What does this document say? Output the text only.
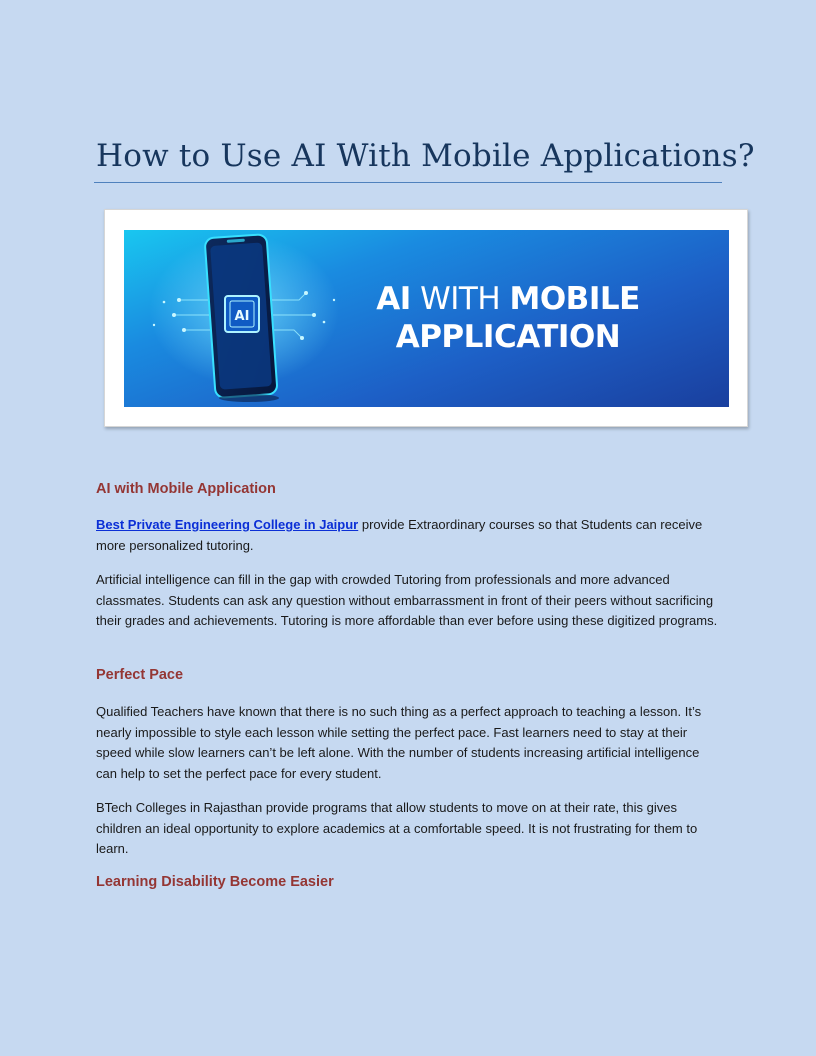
How to Use AI With Mobile Applications?
AI	AI WITH MOBILE
APPLICATION
AI with Mobile Application

Best Private Engineering College in Jaipur provide Extraordinary courses so that Students can receive more personalized tutoring.

Artificial intelligence can fill in the gap with crowded Tutoring from professionals and more advanced classmates. Students can ask any question without embarrassment in front of their peers without sacrificing their grades and achievements. Tutoring is more affordable than ever before using these digitized programs.

Perfect Pace

Qualified Teachers have known that there is no such thing as a perfect approach to teaching a lesson. It’s nearly impossible to style each lesson while setting the perfect pace. Fast learners need to stay at their speed while slow learners can’t be left alone. With the number of students increasing artificial intelligence can help to set the perfect pace for every student.

BTech Colleges in Rajasthan provide programs that allow students to move on at their rate, this gives children an ideal opportunity to explore academics at a comfortable speed. It is not frustrating for them to learn.

Learning Disability Become Easier
